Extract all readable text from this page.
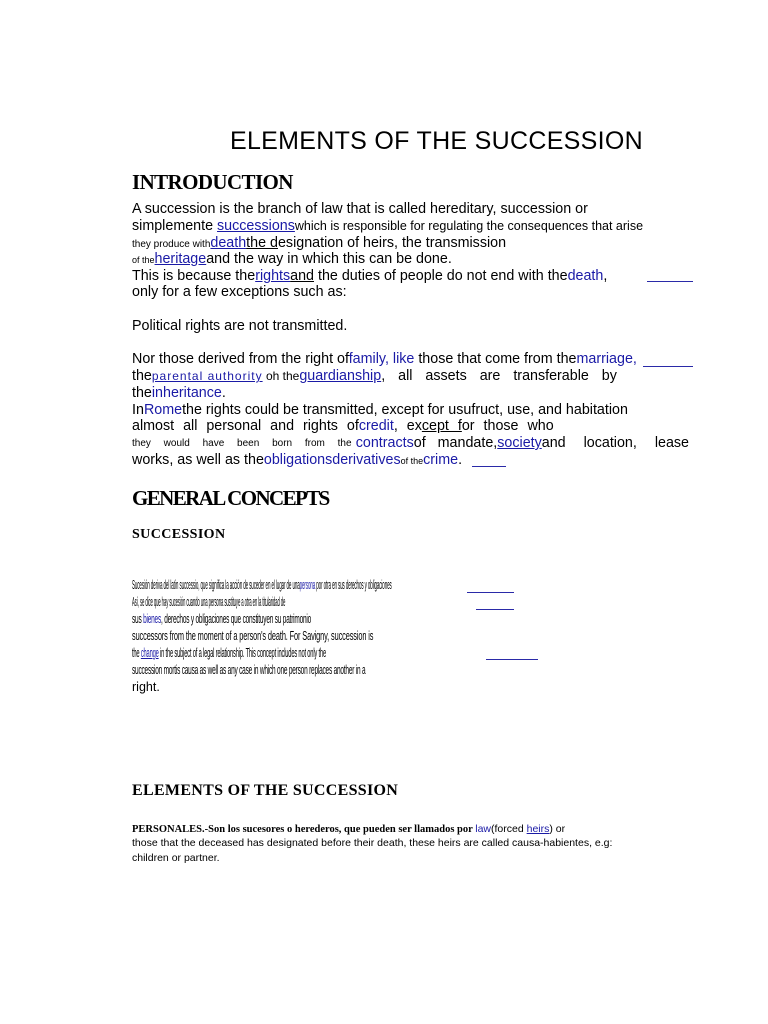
ELEMENTS OF THE SUCCESSION
INTRODUCTION
A succession is the branch of law that is called hereditary, succession or
simplemente successionswhich is responsible for regulating the consequences that arise
they produce withdeaththe designation of heirs, the transmission
of theheritageand the way in which this can be done.
This is because therightsand the duties of people do not end with thedeath,
only for a few exceptions such as:
Political rights are not transmitted.
Nor those derived from the right offamily, like those that come from themarriage,
theparental authority oh theguardianship, all assets are transferable by
theinheritance.
InRomethe rights could be transmitted, except for usufruct, use, and habitation
almost all personal and rights ofcredit, except for those who
they would have been born from the contractsof mandate,societyand location, lease
works, as well as theobligationsderivativesof thecrime.
GENERAL CONCEPTS
SUCCESSION
Sucesión deriva del latín successio, que significa la acción de suceder en el lugar de unapersona por otra en sus derechos y obligaciones
Así, se dice que hay sucesión cuando una persona sustituye a otra en la titularidad de
sus bienes, derechos y obligaciones que constituyen su patrimonio
successors from the moment of a person's death. For Savigny, succession is
the change in the subject of a legal relationship. This concept includes not only the
succession mortis causa as well as any case in which one person replaces another in a
right.
ELEMENTS OF THE SUCCESSION
PERSONALES.-Son los sucesores o herederos, que pueden ser llamados por law(forced heirs) or
those that the deceased has designated before their death, these heirs are called causa-habientes, e.g:
children or partner.
